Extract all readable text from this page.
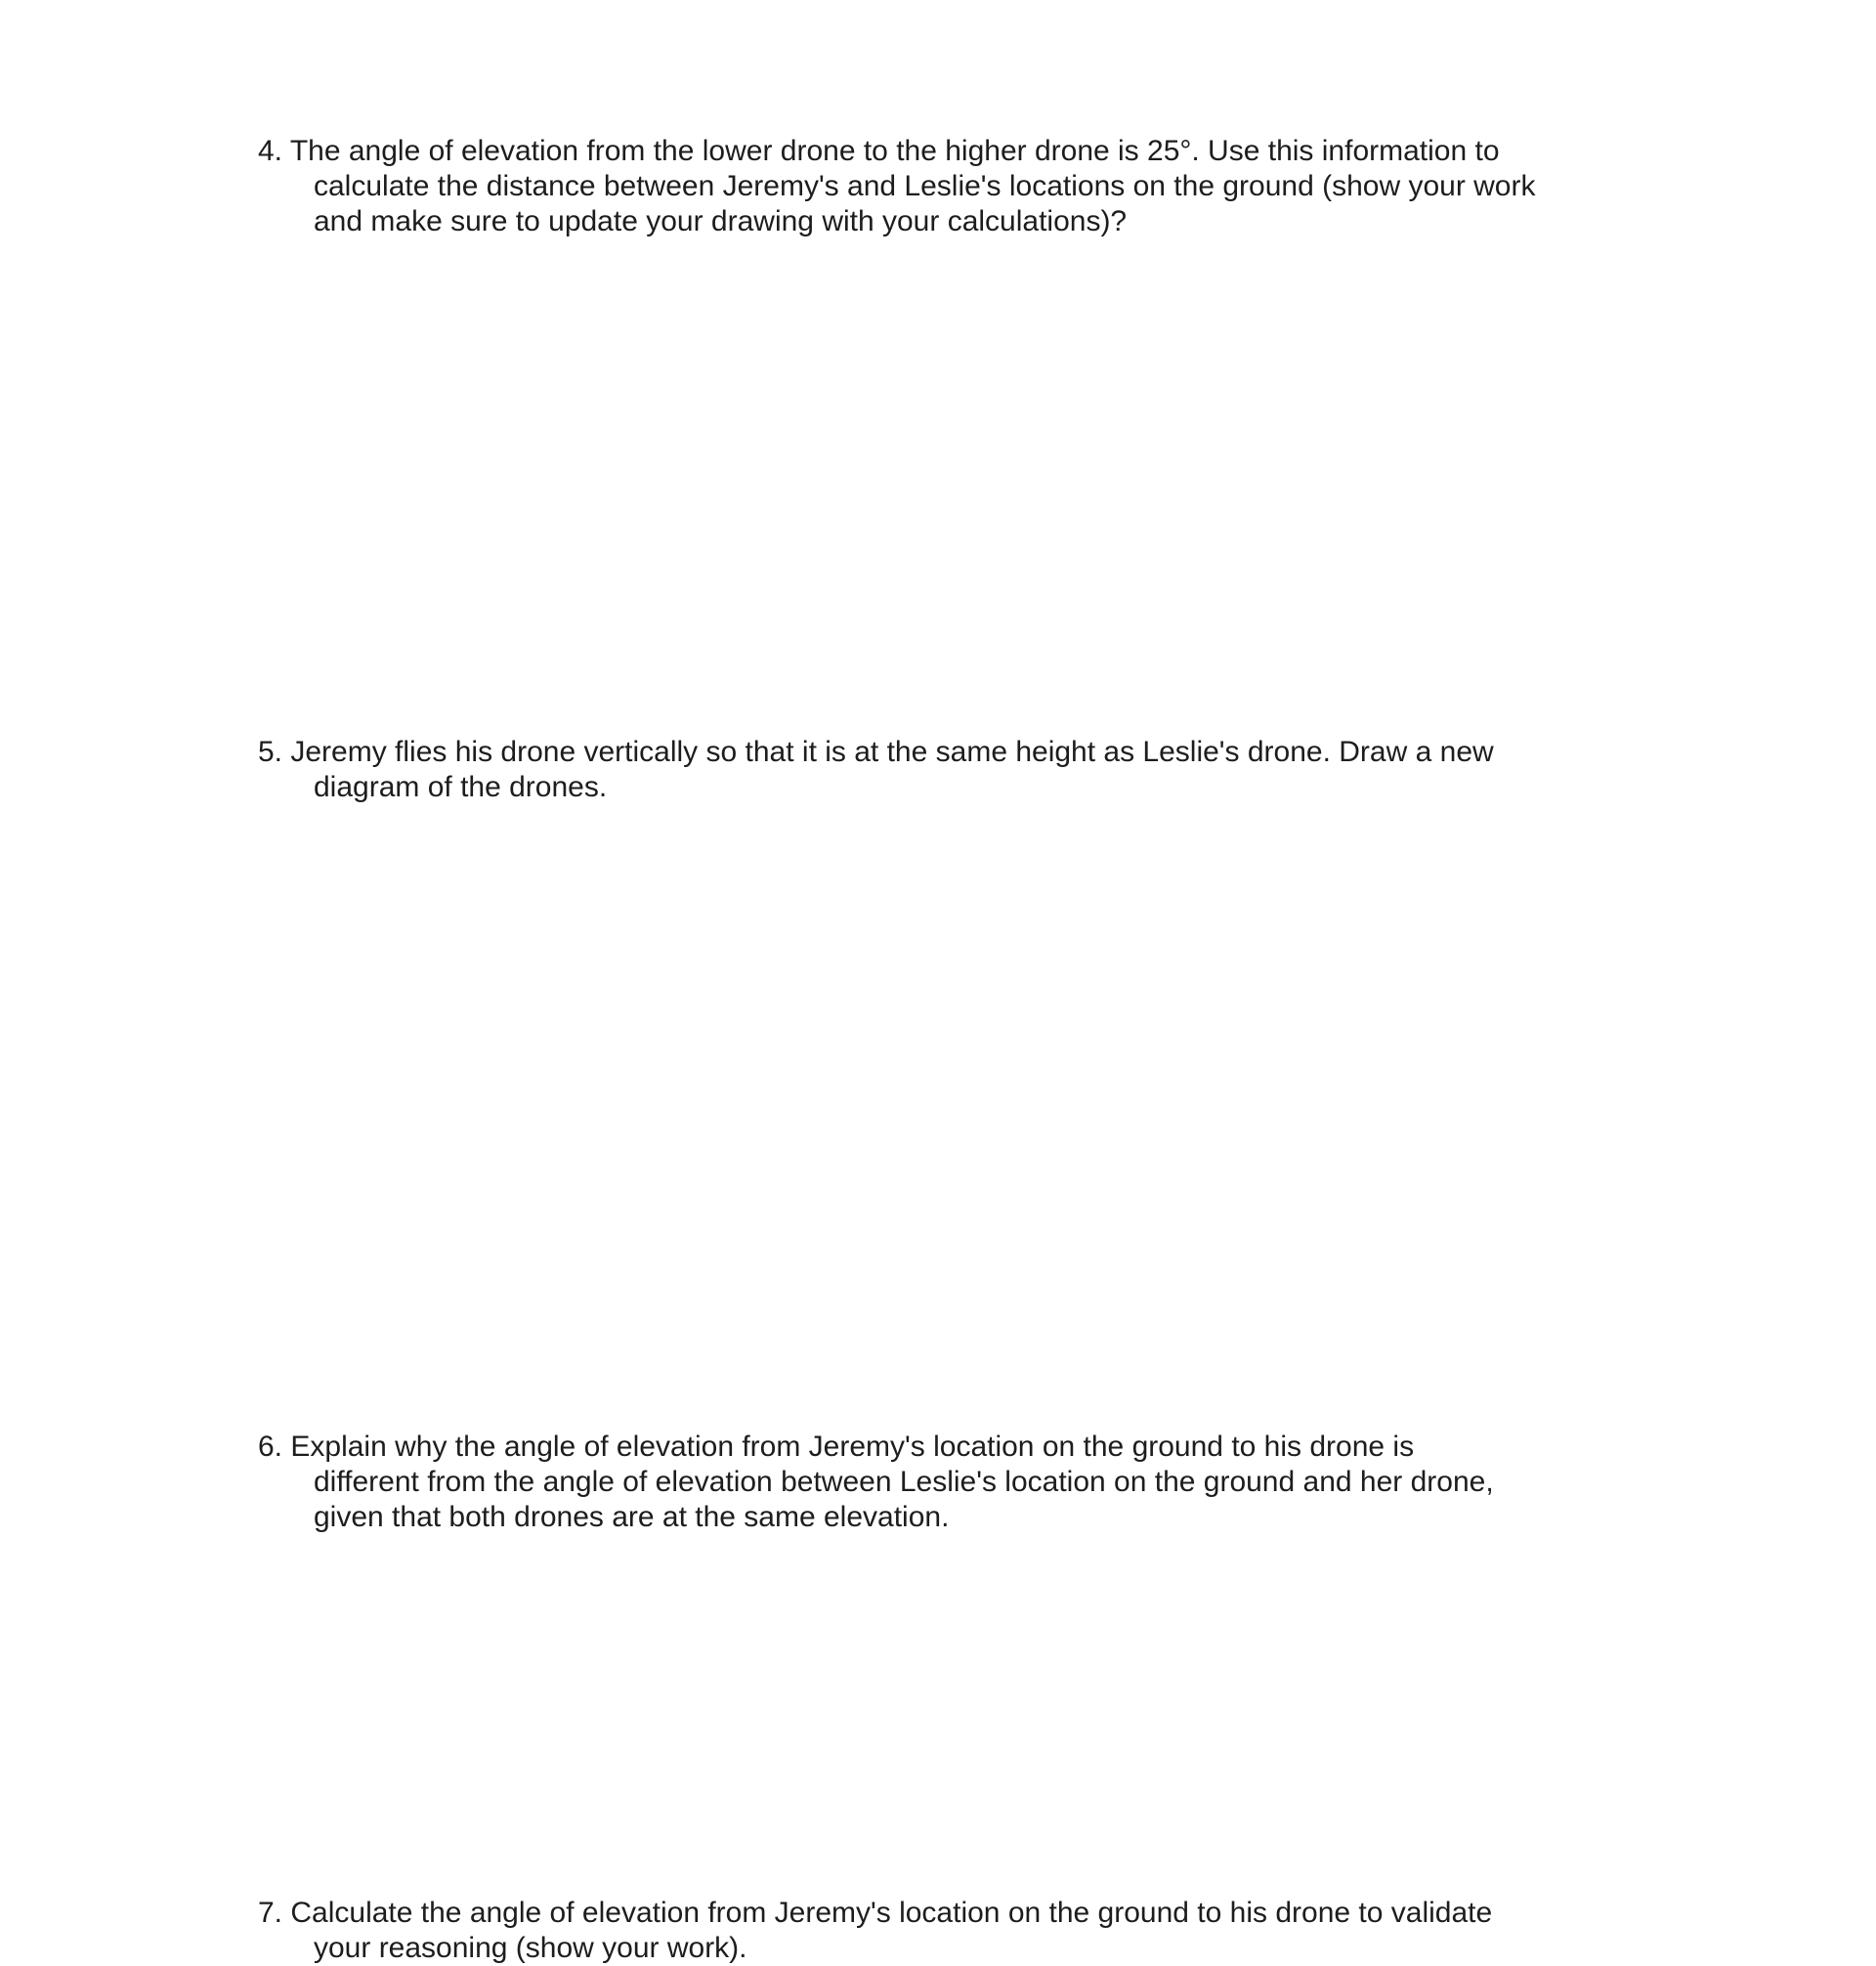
4. The angle of elevation from the lower drone to the higher drone is 25°. Use this information to
calculate the distance between Jeremy's and Leslie's locations on the ground (show your work
and make sure to update your drawing with your calculations)?
5. Jeremy flies his drone vertically so that it is at the same height as Leslie's drone. Draw a new
diagram of the drones.
6. Explain why the angle of elevation from Jeremy's location on the ground to his drone is
different from the angle of elevation between Leslie's location on the ground and her drone,
given that both drones are at the same elevation.
7. Calculate the angle of elevation from Jeremy's location on the ground to his drone to validate
your reasoning (show your work).
